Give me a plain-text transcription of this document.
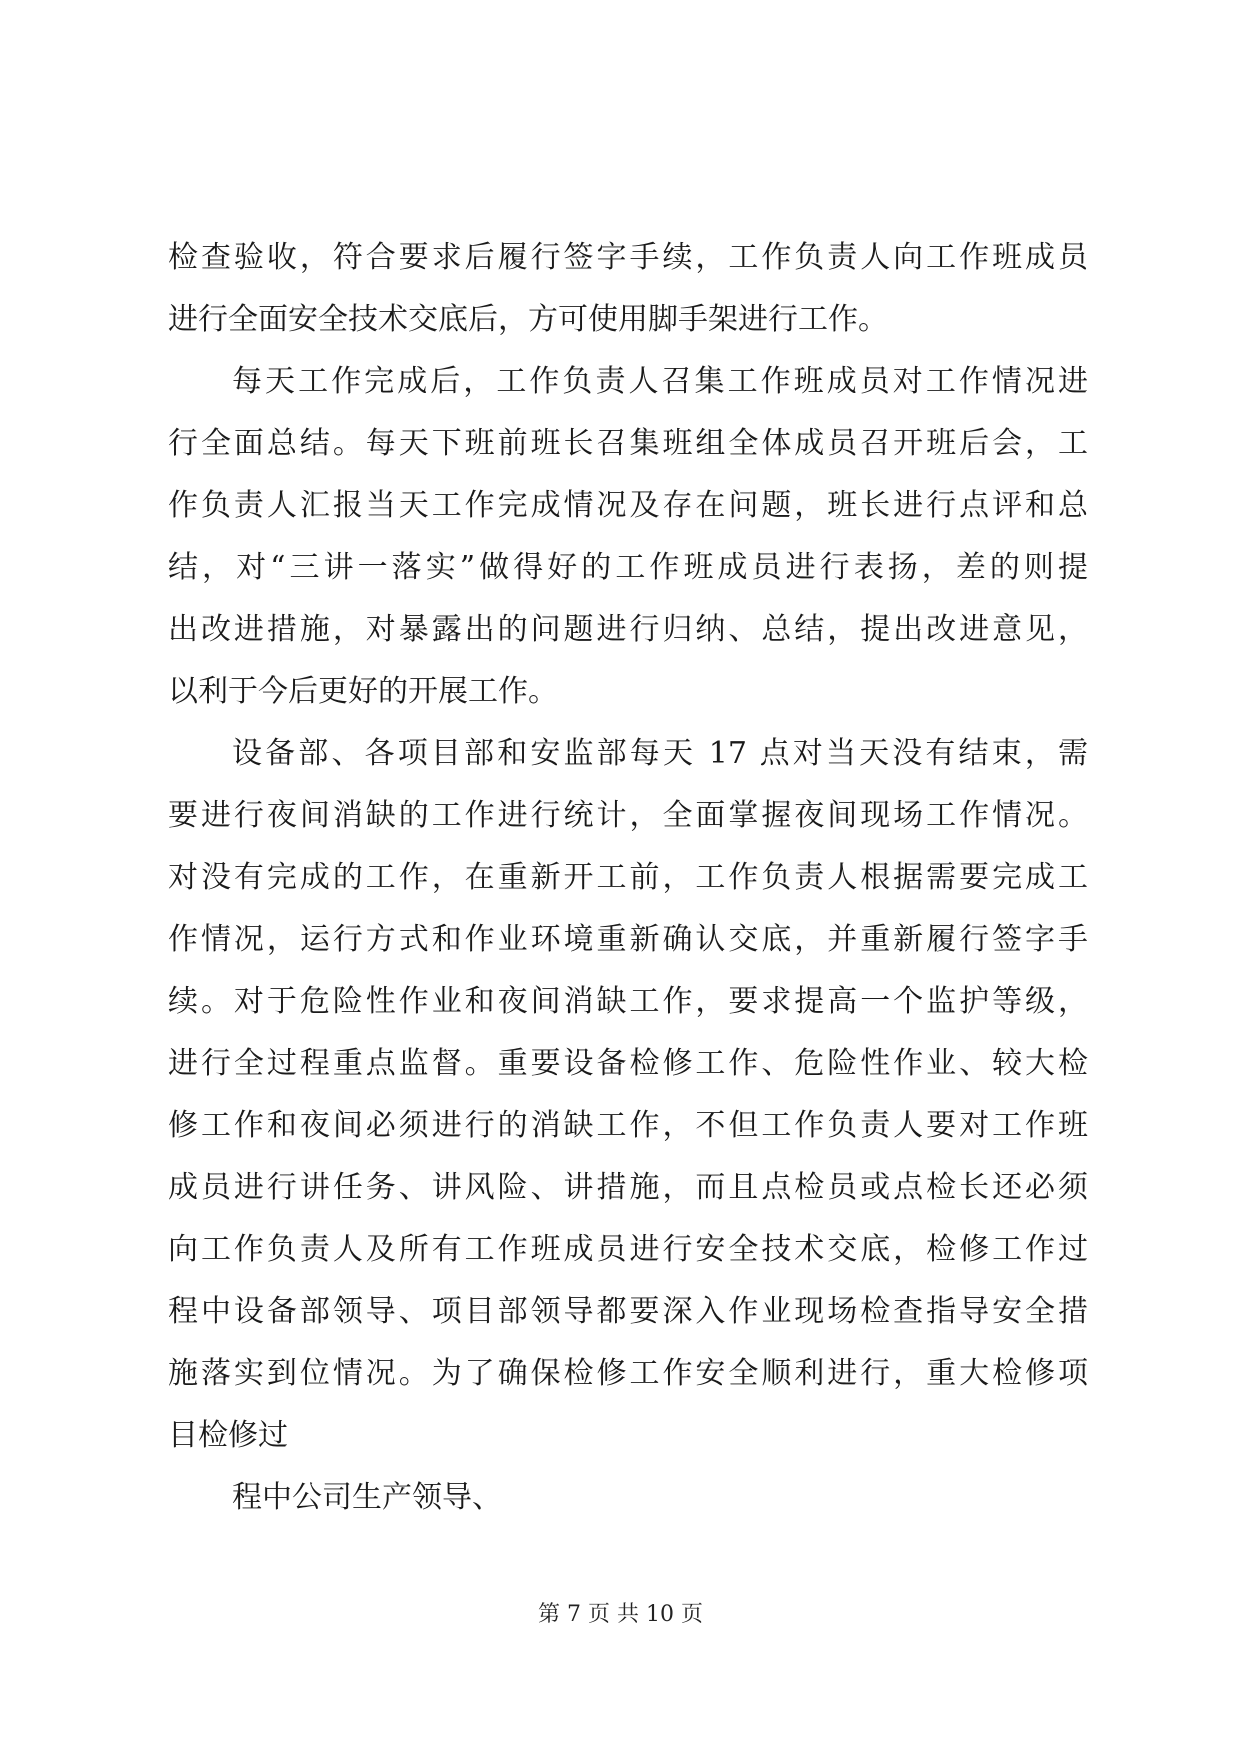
检查验收，符合要求后履行签字手续，工作负责人向工作班成员
进行全面安全技术交底后，方可使用脚手架进行工作。
每天工作完成后，工作负责人召集工作班成员对工作情况进
行全面总结。每天下班前班长召集班组全体成员召开班后会，工
作负责人汇报当天工作完成情况及存在问题，班长进行点评和总
结，对“三讲一落实”做得好的工作班成员进行表扬，差的则提
出改进措施，对暴露出的问题进行归纳、总结，提出改进意见，
以利于今后更好的开展工作。
设备部、各项目部和安监部每天 17 点对当天没有结束，需
要进行夜间消缺的工作进行统计，全面掌握夜间现场工作情况。
对没有完成的工作，在重新开工前，工作负责人根据需要完成工
作情况，运行方式和作业环境重新确认交底，并重新履行签字手
续。对于危险性作业和夜间消缺工作，要求提高一个监护等级，
进行全过程重点监督。重要设备检修工作、危险性作业、较大检
修工作和夜间必须进行的消缺工作，不但工作负责人要对工作班
成员进行讲任务、讲风险、讲措施，而且点检员或点检长还必须
向工作负责人及所有工作班成员进行安全技术交底，检修工作过
程中设备部领导、项目部领导都要深入作业现场检查指导安全措
施落实到位情况。为了确保检修工作安全顺利进行，重大检修项
目检修过
程中公司生产领导、
第 7 页 共 10 页
